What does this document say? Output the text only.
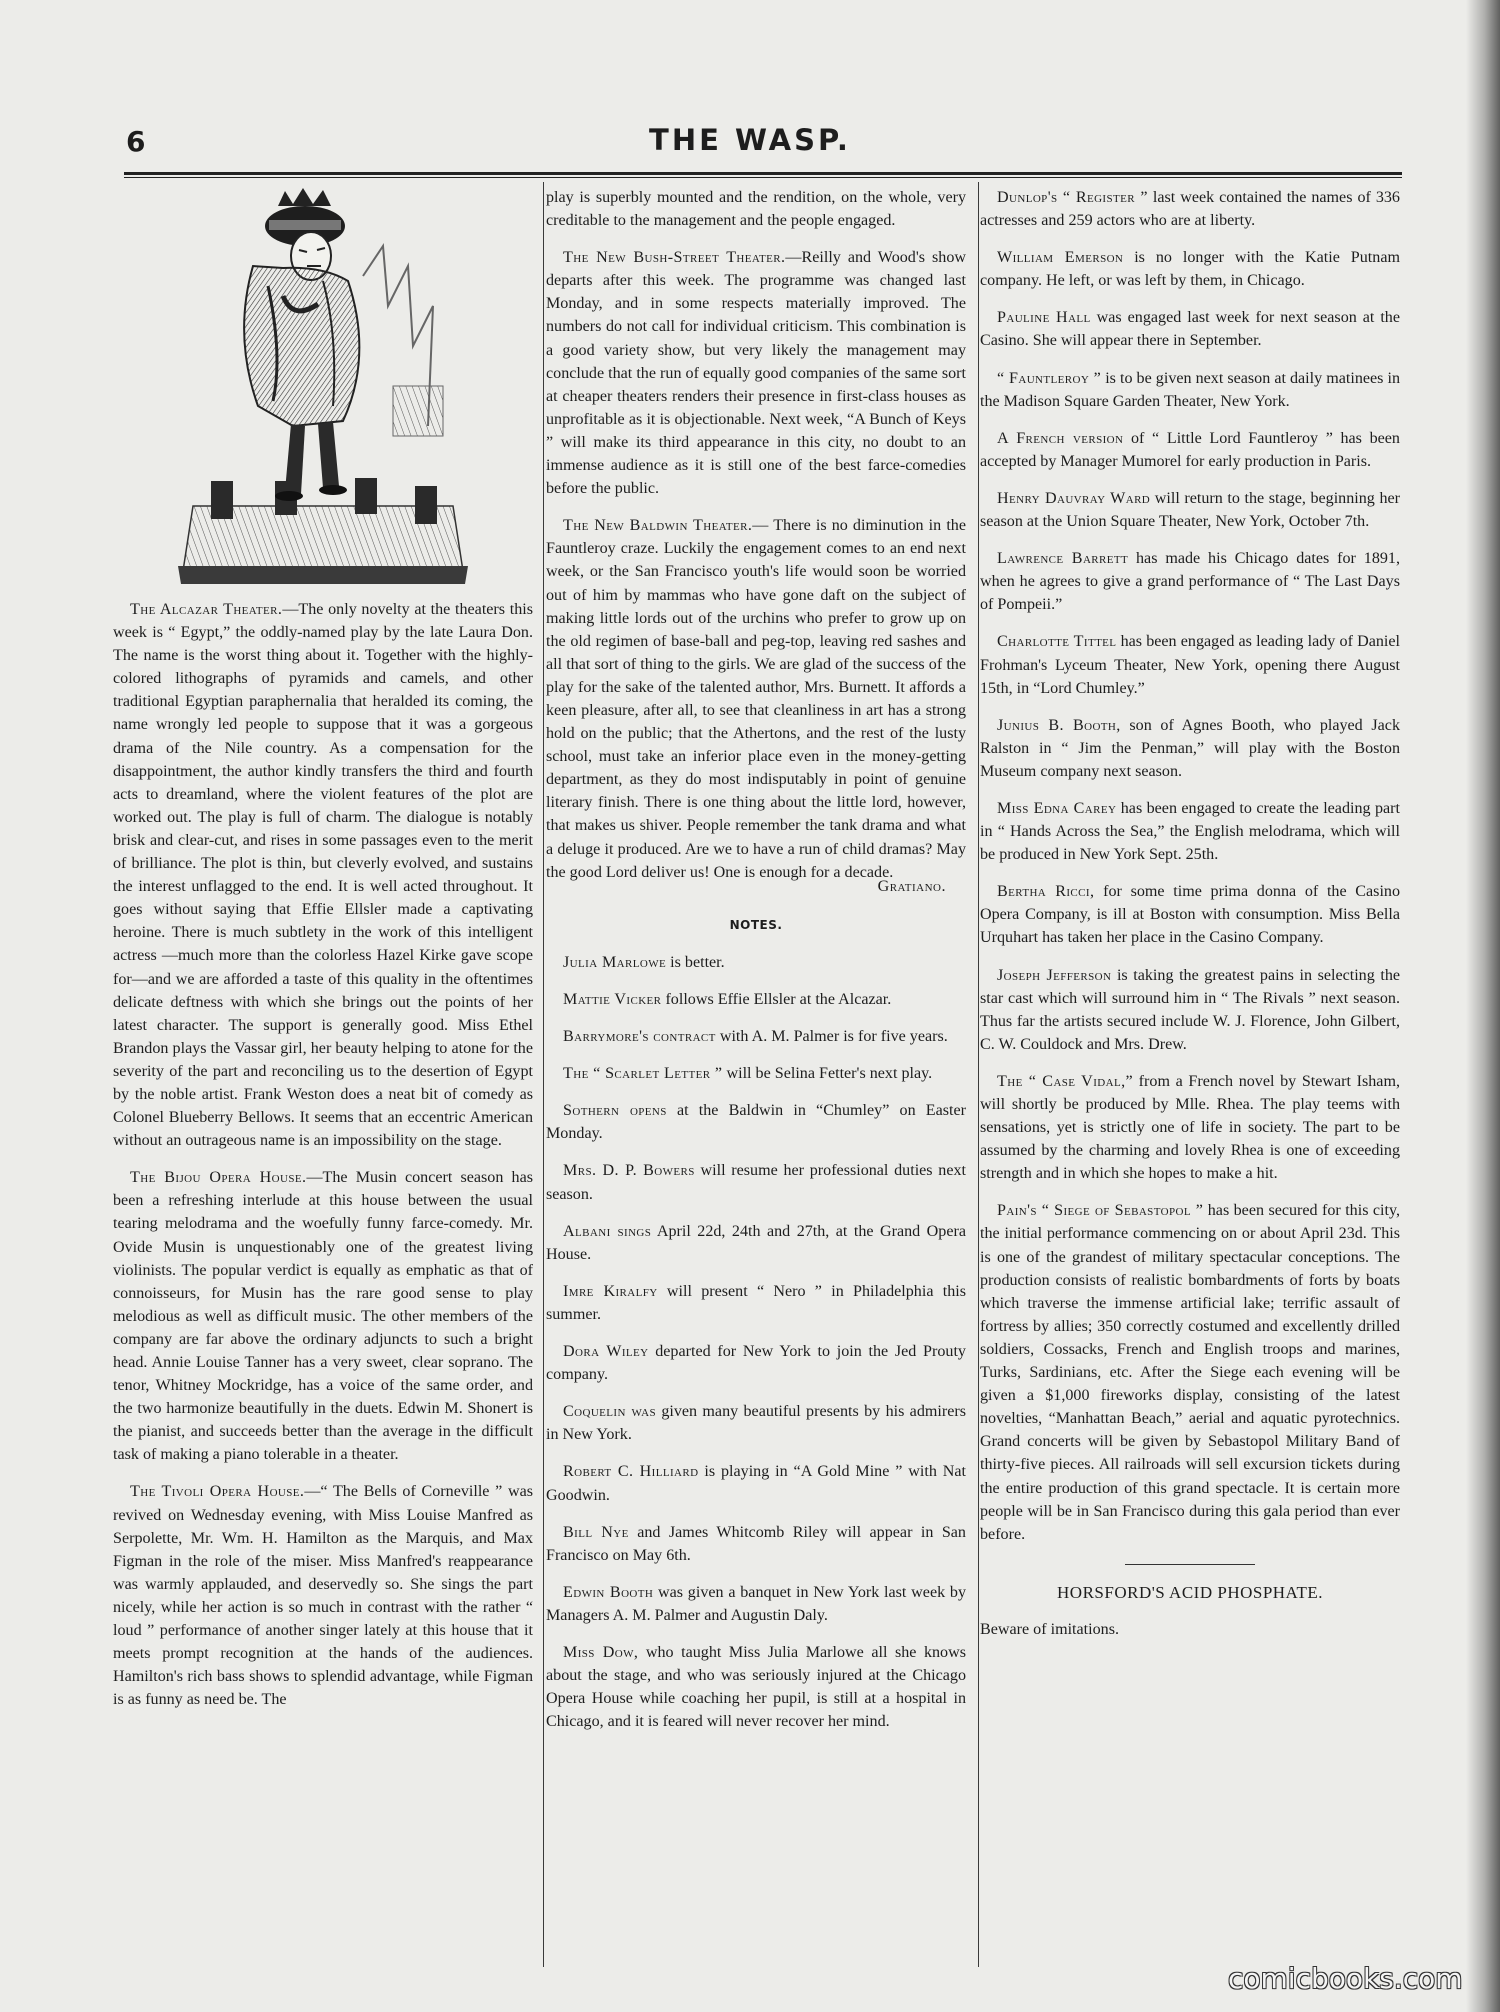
6	THE WASP.

The Alcazar Theater.—The only novelty at the theaters this week is “ Egypt,” the oddly-named play by the late Laura Don. The name is the worst thing about it. Together with the highly-colored lithographs of pyramids and camels, and other traditional Egyptian paraphernalia that heralded its coming, the name wrongly led people to suppose that it was a gorgeous drama of the Nile country. As a compensation for the disappointment, the author kindly transfers the third and fourth acts to dreamland, where the violent features of the plot are worked out. The play is full of charm. The dialogue is notably brisk and clear-cut, and rises in some passages even to the merit of brilliance. The plot is thin, but cleverly evolved, and sustains the interest unflagged to the end. It is well acted throughout. It goes without saying that Effie Ellsler made a captivating heroine. There is much subtlety in the work of this intelligent actress —much more than the colorless Hazel Kirke gave scope for—and we are afforded a taste of this quality in the oftentimes delicate deftness with which she brings out the points of her latest character. The support is generally good. Miss Ethel Brandon plays the Vassar girl, her beauty helping to atone for the severity of the part and reconciling us to the desertion of Egypt by the noble artist. Frank Weston does a neat bit of comedy as Colonel Blueberry Bellows. It seems that an eccentric American without an outrageous name is an impossibility on the stage.

The Bijou Opera House.—The Musin concert season has been a refreshing interlude at this house between the usual tearing melodrama and the woefully funny farce-comedy. Mr. Ovide Musin is unquestionably one of the greatest living violinists. The popular verdict is equally as emphatic as that of connoisseurs, for Musin has the rare good sense to play melodious as well as difficult music. The other members of the company are far above the ordinary adjuncts to such a bright head. Annie Louise Tanner has a very sweet, clear soprano. The tenor, Whitney Mockridge, has a voice of the same order, and the two harmonize beautifully in the duets. Edwin M. Shonert is the pianist, and succeeds better than the average in the difficult task of making a piano tolerable in a theater.

The Tivoli Opera House.—“ The Bells of Corneville ” was revived on Wednesday evening, with Miss Louise Manfred as Serpolette, Mr. Wm. H. Hamilton as the Marquis, and Max Figman in the role of the miser. Miss Manfred's reappearance was warmly applauded, and deservedly so. She sings the part nicely, while her action is so much in contrast with the rather “ loud ” performance of another singer lately at this house that it meets prompt recognition at the hands of the audiences. Hamilton's rich bass shows to splendid advantage, while Figman is as funny as need be. The

play is superbly mounted and the rendition, on the whole, very creditable to the management and the people engaged.

The New Bush-Street Theater.—Reilly and Wood's show departs after this week. The programme was changed last Monday, and in some respects materially improved. The numbers do not call for individual criticism. This combination is a good variety show, but very likely the management may conclude that the run of equally good companies of the same sort at cheaper theaters renders their presence in first-class houses as unprofitable as it is objectionable. Next week, “A Bunch of Keys ” will make its third appearance in this city, no doubt to an immense audience as it is still one of the best farce-comedies before the public.

The New Baldwin Theater.— There is no diminution in the Fauntleroy craze. Luckily the engagement comes to an end next week, or the San Francisco youth's life would soon be worried out of him by mammas who have gone daft on the subject of making little lords out of the urchins who prefer to grow up on the old regimen of base-ball and peg-top, leaving red sashes and all that sort of thing to the girls. We are glad of the success of the play for the sake of the talented author, Mrs. Burnett. It affords a keen pleasure, after all, to see that cleanliness in art has a strong hold on the public; that the Athertons, and the rest of the lusty school, must take an inferior place even in the money-getting department, as they do most indisputably in point of genuine literary finish. There is one thing about the little lord, however, that makes us shiver. People remember the tank drama and what a deluge it produced. Are we to have a run of child dramas? May the good Lord deliver us! One is enough for a decade.

Gratiano.
NOTES.

Julia Marlowe is better.

Mattie Vicker follows Effie Ellsler at the Alcazar.

Barrymore's contract with A. M. Palmer is for five years.

The “ Scarlet Letter ” will be Selina Fetter's next play.

Sothern opens at the Baldwin in “Chumley” on Easter Monday.

Mrs. D. P. Bowers will resume her professional duties next season.

Albani sings April 22d, 24th and 27th, at the Grand Opera House.

Imre Kiralfy will present “ Nero ” in Philadelphia this summer.

Dora Wiley departed for New York to join the Jed Prouty company.

Coquelin was given many beautiful presents by his admirers in New York.

Robert C. Hilliard is playing in “A Gold Mine ” with Nat Goodwin.

Bill Nye and James Whitcomb Riley will appear in San Francisco on May 6th.

Edwin Booth was given a banquet in New York last week by Managers A. M. Palmer and Augustin Daly.

Miss Dow, who taught Miss Julia Marlowe all she knows about the stage, and who was seriously injured at the Chicago Opera House while coaching her pupil, is still at a hospital in Chicago, and it is feared will never recover her mind.

Dunlop's “ Register ” last week contained the names of 336 actresses and 259 actors who are at liberty.

William Emerson is no longer with the Katie Putnam company. He left, or was left by them, in Chicago.

Pauline Hall was engaged last week for next season at the Casino. She will appear there in September.

“ Fauntleroy ” is to be given next season at daily matinees in the Madison Square Garden Theater, New York.

A French version of “ Little Lord Fauntleroy ” has been accepted by Manager Mumorel for early production in Paris.

Henry Dauvray Ward will return to the stage, beginning her season at the Union Square Theater, New York, October 7th.

Lawrence Barrett has made his Chicago dates for 1891, when he agrees to give a grand performance of “ The Last Days of Pompeii.”

Charlotte Tittel has been engaged as leading lady of Daniel Frohman's Lyceum Theater, New York, opening there August 15th, in “Lord Chumley.”

Junius B. Booth, son of Agnes Booth, who played Jack Ralston in “ Jim the Penman,” will play with the Boston Museum company next season.

Miss Edna Carey has been engaged to create the leading part in “ Hands Across the Sea,” the English melodrama, which will be produced in New York Sept. 25th.

Bertha Ricci, for some time prima donna of the Casino Opera Company, is ill at Boston with consumption. Miss Bella Urquhart has taken her place in the Casino Company.

Joseph Jefferson is taking the greatest pains in selecting the star cast which will surround him in “ The Rivals ” next season. Thus far the artists secured include W. J. Florence, John Gilbert, C. W. Couldock and Mrs. Drew.

The “ Case Vidal,” from a French novel by Stewart Isham, will shortly be produced by Mlle. Rhea. The play teems with sensations, yet is strictly one of life in society. The part to be assumed by the charming and lovely Rhea is one of exceeding strength and in which she hopes to make a hit.

Pain's “ Siege of Sebastopol ” has been secured for this city, the initial performance commencing on or about April 23d. This is one of the grandest of military spectacular conceptions. The production consists of realistic bombardments of forts by boats which traverse the immense artificial lake; terrific assault of fortress by allies; 350 correctly costumed and excellently drilled soldiers, Cossacks, French and English troops and marines, Turks, Sardinians, etc. After the Siege each evening will be given a $1,000 fireworks display, consisting of the latest novelties, “Manhattan Beach,” aerial and aquatic pyrotechnics. Grand concerts will be given by Sebastopol Military Band of thirty-five pieces. All railroads will sell excursion tickets during the entire production of this grand spectacle. It is certain more people will be in San Francisco during this gala period than ever before.

HORSFORD'S ACID PHOSPHATE.

Beware of imitations.

comicbooks.com
